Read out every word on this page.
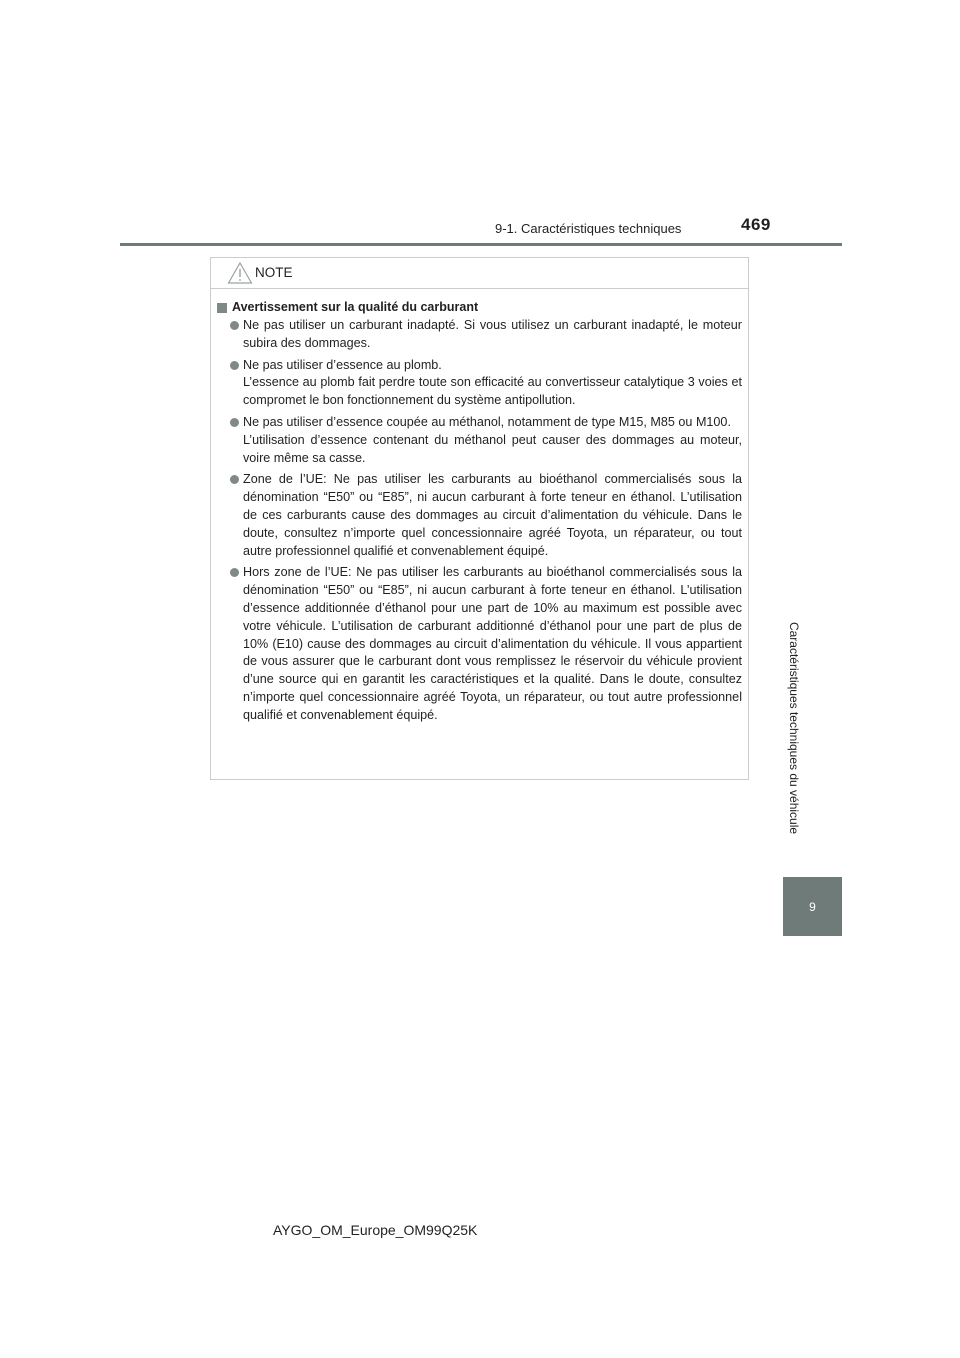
9-1. Caractéristiques techniques	469
Caractéristiques techniques du véhicule
9
NOTE
Avertissement sur la qualité du carburant

Ne pas utiliser un carburant inadapté. Si vous utilisez un carburant inadapté, le moteur subira des dommages.

Ne pas utiliser d’essence au plomb.

L’essence au plomb fait perdre toute son efficacité au convertisseur catalytique 3 voies et compromet le bon fonctionnement du système antipollution.

Ne pas utiliser d’essence coupée au méthanol, notamment de type M15, M85 ou M100.

L’utilisation d’essence contenant du méthanol peut causer des dommages au moteur, voire même sa casse.

Zone de l’UE: Ne pas utiliser les carburants au bioéthanol commercialisés sous la dénomination “E50” ou “E85”, ni aucun carburant à forte teneur en éthanol. L’utilisation de ces carburants cause des dommages au circuit d’alimentation du véhicule. Dans le doute, consultez n’importe quel concessionnaire agréé Toyota, un réparateur, ou tout autre professionnel qualifié et convenablement équipé.

Hors zone de l’UE: Ne pas utiliser les carburants au bioéthanol commercialisés sous la dénomination “E50” ou “E85”, ni aucun carburant à forte teneur en éthanol. L’utilisation d’essence additionnée d’éthanol pour une part de 10% au maximum est possible avec votre véhicule. L’utilisation de carburant additionné d’éthanol pour une part de plus de 10% (E10) cause des dommages au circuit d’alimentation du véhicule. Il vous appartient de vous assurer que le carburant dont vous remplissez le réservoir du véhicule provient d’une source qui en garantit les caractéristiques et la qualité. Dans le doute, consultez n’importe quel concessionnaire agréé Toyota, un réparateur, ou tout autre professionnel qualifié et convenablement équipé.

AYGO_OM_Europe_OM99Q25K
